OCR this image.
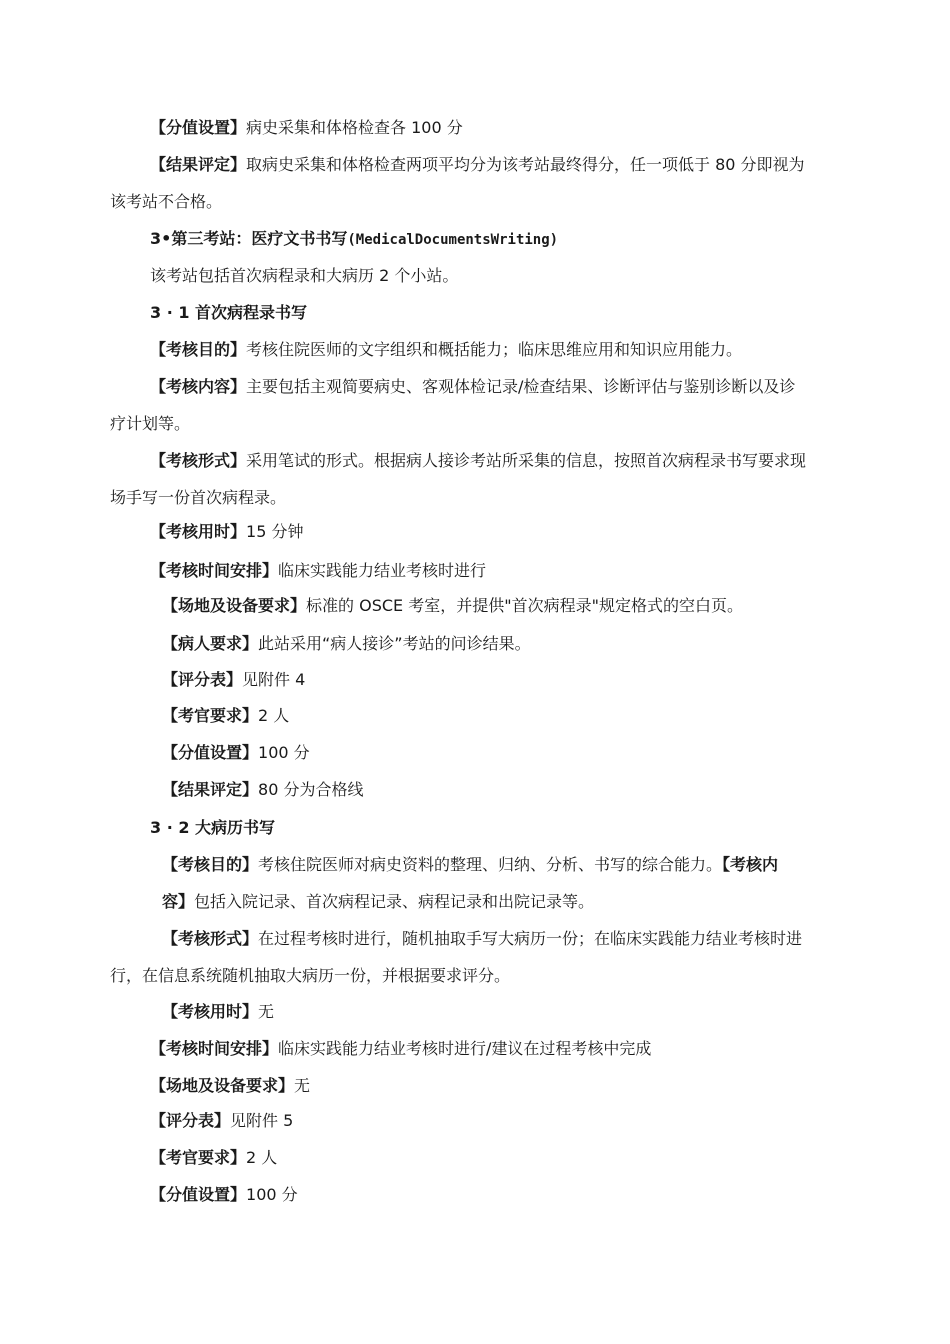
【分值设置】病史采集和体格检查各 100 分
【结果评定】取病史采集和体格检查两项平均分为该考站最终得分，任一项低于 80 分即视为
该考站不合格。
3•第三考站：医疗文书书写(MedicalDocumentsWriting)
该考站包括首次病程录和大病历 2 个小站。
3 · 1 首次病程录书写
【考核目的】考核住院医师的文字组织和概括能力；临床思维应用和知识应用能力。
【考核内容】主要包括主观简要病史、客观体检记录/检查结果、诊断评估与鉴别诊断以及诊
疗计划等。
【考核形式】采用笔试的形式。根据病人接诊考站所采集的信息，按照首次病程录书写要求现
场手写一份首次病程录。
【考核用时】15 分钟
【考核时间安排】临床实践能力结业考核时进行
【场地及设备要求】标准的 OSCE 考室，并提供"首次病程录"规定格式的空白页。
【病人要求】此站采用“病人接诊”考站的问诊结果。
【评分表】见附件 4
【考官要求】2 人
【分值设置】100 分
【结果评定】80 分为合格线
3 · 2 大病历书写
【考核目的】考核住院医师对病史资料的整理、归纳、分析、书写的综合能力。【考核内
容】包括入院记录、首次病程记录、病程记录和出院记录等。
【考核形式】在过程考核时进行，随机抽取手写大病历一份；在临床实践能力结业考核时进
行，在信息系统随机抽取大病历一份，并根据要求评分。
【考核用时】无
【考核时间安排】临床实践能力结业考核时进行/建议在过程考核中完成
【场地及设备要求】无
【评分表】见附件 5
【考官要求】2 人
【分值设置】100 分
